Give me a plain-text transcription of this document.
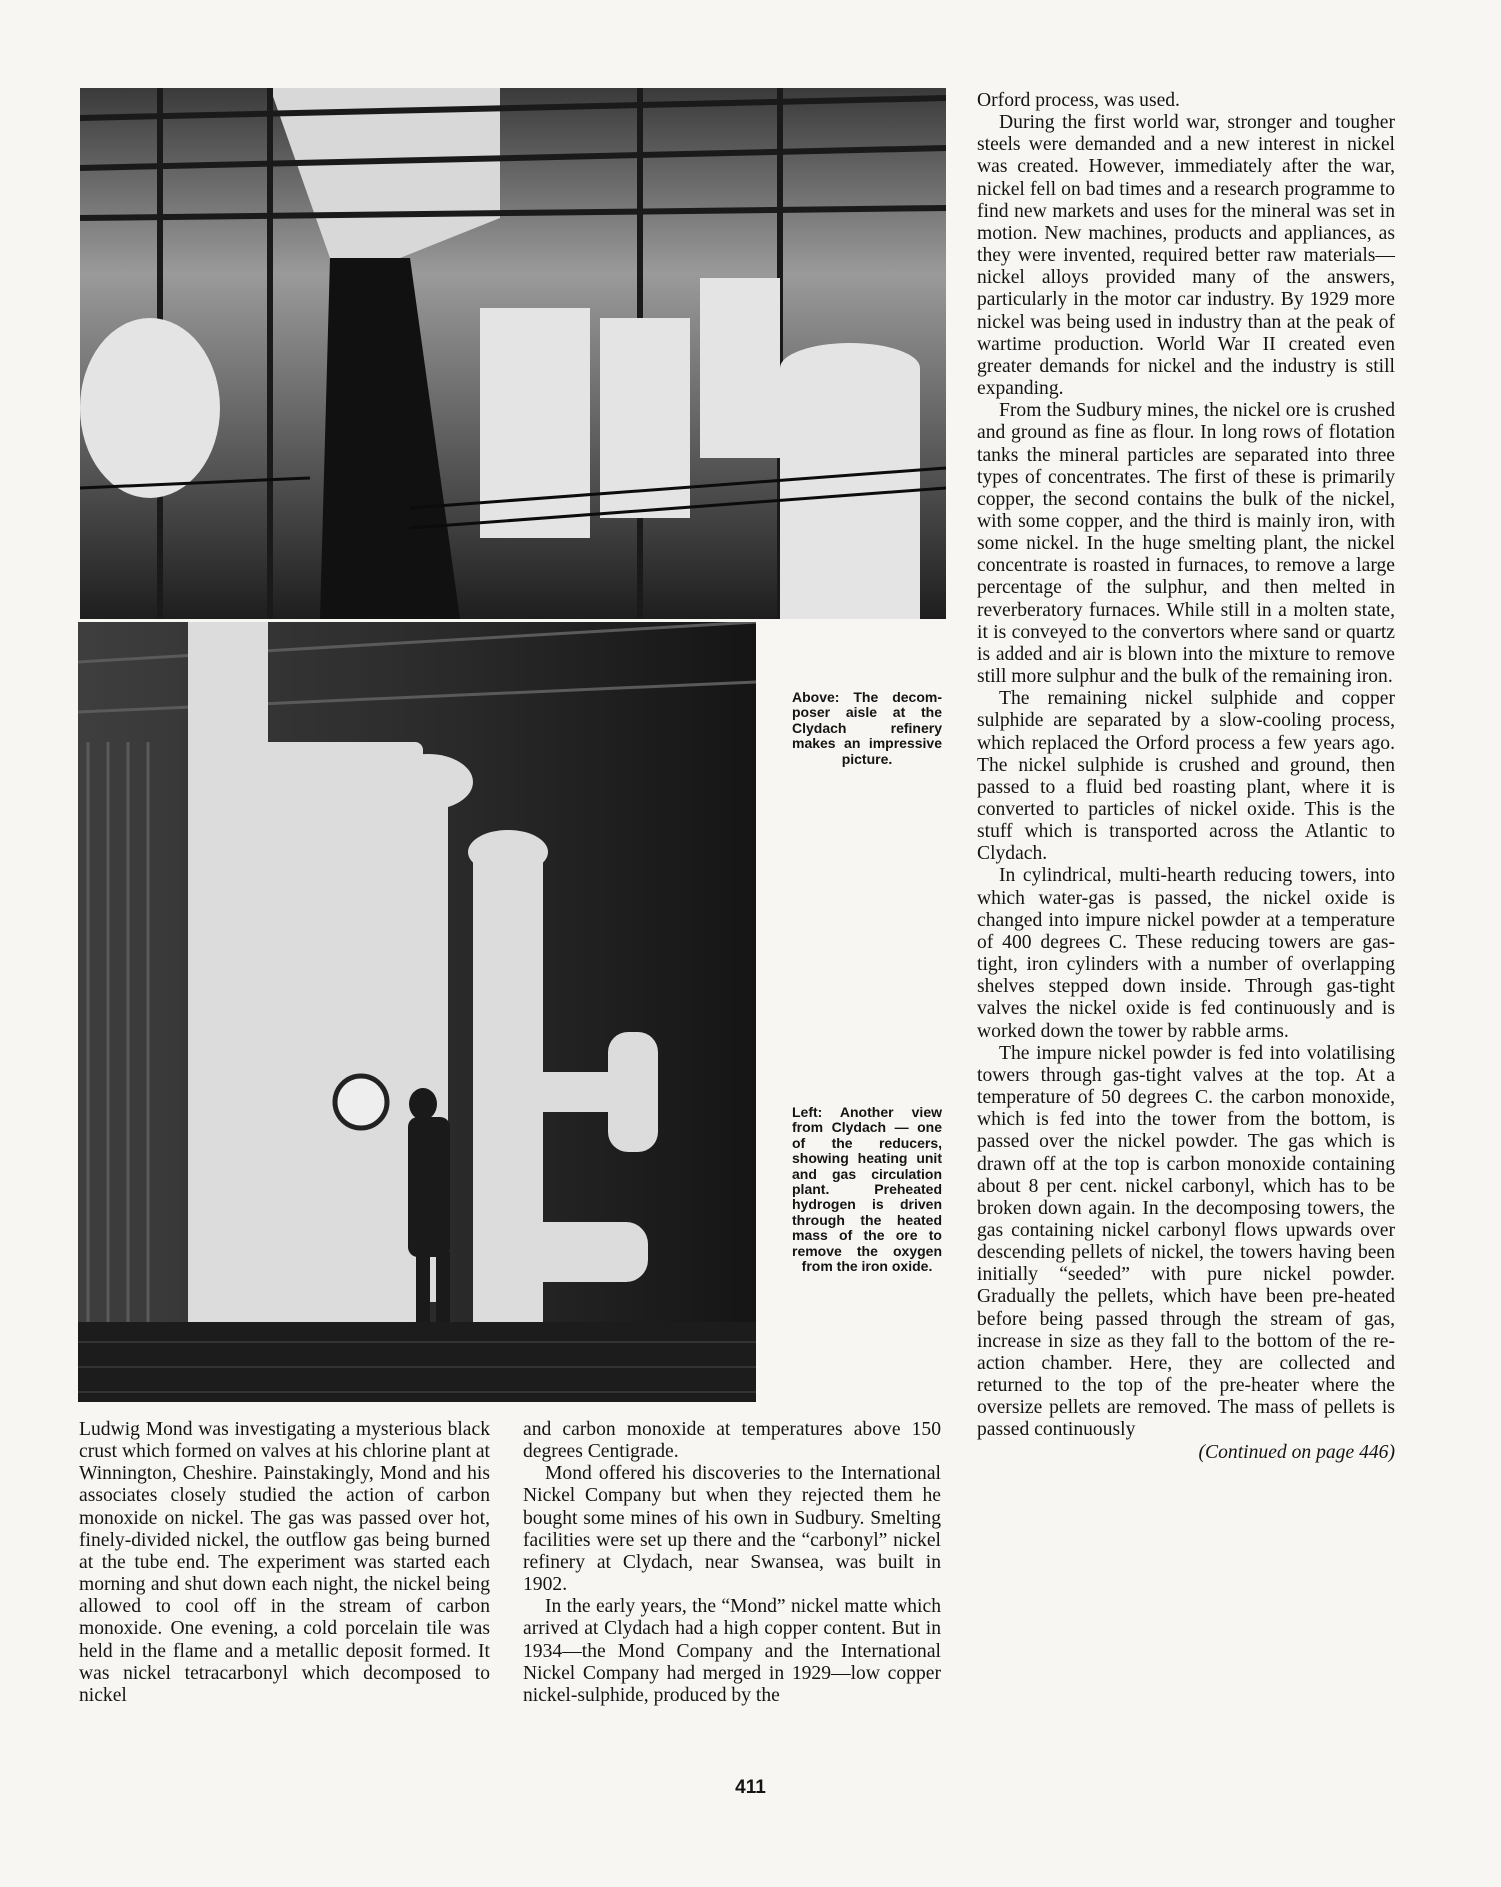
Above: The decomposer aisle at the Clydach refinery makes an impressive picture.

Left: Another view from Clydach — one of the reducers, showing heating unit and gas circulation plant. Preheated hydrogen is driven through the heated mass of the ore to remove the oxygen from the iron oxide.

Orford process, was used.

During the first world war, stronger and tougher steels were demanded and a new interest in nickel was created. However, immediately after the war, nickel fell on bad times and a research programme to find new markets and uses for the mineral was set in motion. New machines, products and appliances, as they were invented, required better raw materials—nickel alloys provided many of the answers, particularly in the motor car industry. By 1929 more nickel was being used in industry than at the peak of wartime production. World War II created even greater demands for nickel and the industry is still expanding.

From the Sudbury mines, the nickel ore is crushed and ground as fine as flour. In long rows of flotation tanks the mineral particles are separated into three types of concentrates. The first of these is primarily copper, the second contains the bulk of the nickel, with some copper, and the third is mainly iron, with some nickel. In the huge smelting plant, the nickel concentrate is roasted in furnaces, to remove a large percentage of the sulphur, and then melted in reverberatory furnaces. While still in a molten state, it is conveyed to the convertors where sand or quartz is added and air is blown into the mixture to remove still more sulphur and the bulk of the remaining iron.

The remaining nickel sulphide and copper sulphide are separated by a slow-cooling process, which replaced the Orford process a few years ago. The nickel sulphide is crushed and ground, then passed to a fluid bed roasting plant, where it is converted to particles of nickel oxide. This is the stuff which is transported across the Atlantic to Clydach.

In cylindrical, multi-hearth reducing towers, into which water-gas is passed, the nickel oxide is changed into impure nickel powder at a temperature of 400 degrees C. These reducing towers are gas-tight, iron cylinders with a number of overlapping shelves stepped down inside. Through gas-tight valves the nickel oxide is fed continuously and is worked down the tower by rabble arms.

The impure nickel powder is fed into volatilising towers through gas-tight valves at the top. At a temperature of 50 degrees C. the carbon monoxide, which is fed into the tower from the bottom, is passed over the nickel powder. The gas which is drawn off at the top is carbon monoxide containing about 8 per cent. nickel carbonyl, which has to be broken down again. In the decomposing towers, the gas containing nickel carbonyl flows upwards over descending pellets of nickel, the towers having been initially “seeded” with pure nickel powder. Gradually the pellets, which have been pre-heated before being passed through the stream of gas, increase in size as they fall to the bottom of the reaction chamber. Here, they are collected and returned to the top of the pre-heater where the oversize pellets are removed. The mass of pellets is passed continuously

(Continued on page 446)

Ludwig Mond was investigating a mysterious black crust which formed on valves at his chlorine plant at Winnington, Cheshire. Painstakingly, Mond and his associates closely studied the action of carbon monoxide on nickel. The gas was passed over hot, finely-divided nickel, the outflow gas being burned at the tube end. The experiment was started each morning and shut down each night, the nickel being allowed to cool off in the stream of carbon monoxide. One evening, a cold porcelain tile was held in the flame and a metallic deposit formed. It was nickel tetracarbonyl which decomposed to nickel

and carbon monoxide at temperatures above 150 degrees Centigrade.

Mond offered his discoveries to the International Nickel Company but when they rejected them he bought some mines of his own in Sudbury. Smelting facilities were set up there and the “carbonyl” nickel refinery at Clydach, near Swansea, was built in 1902.

In the early years, the “Mond” nickel matte which arrived at Clydach had a high copper content. But in 1934—the Mond Company and the International Nickel Company had merged in 1929—low copper nickel-sulphide, produced by the

411
